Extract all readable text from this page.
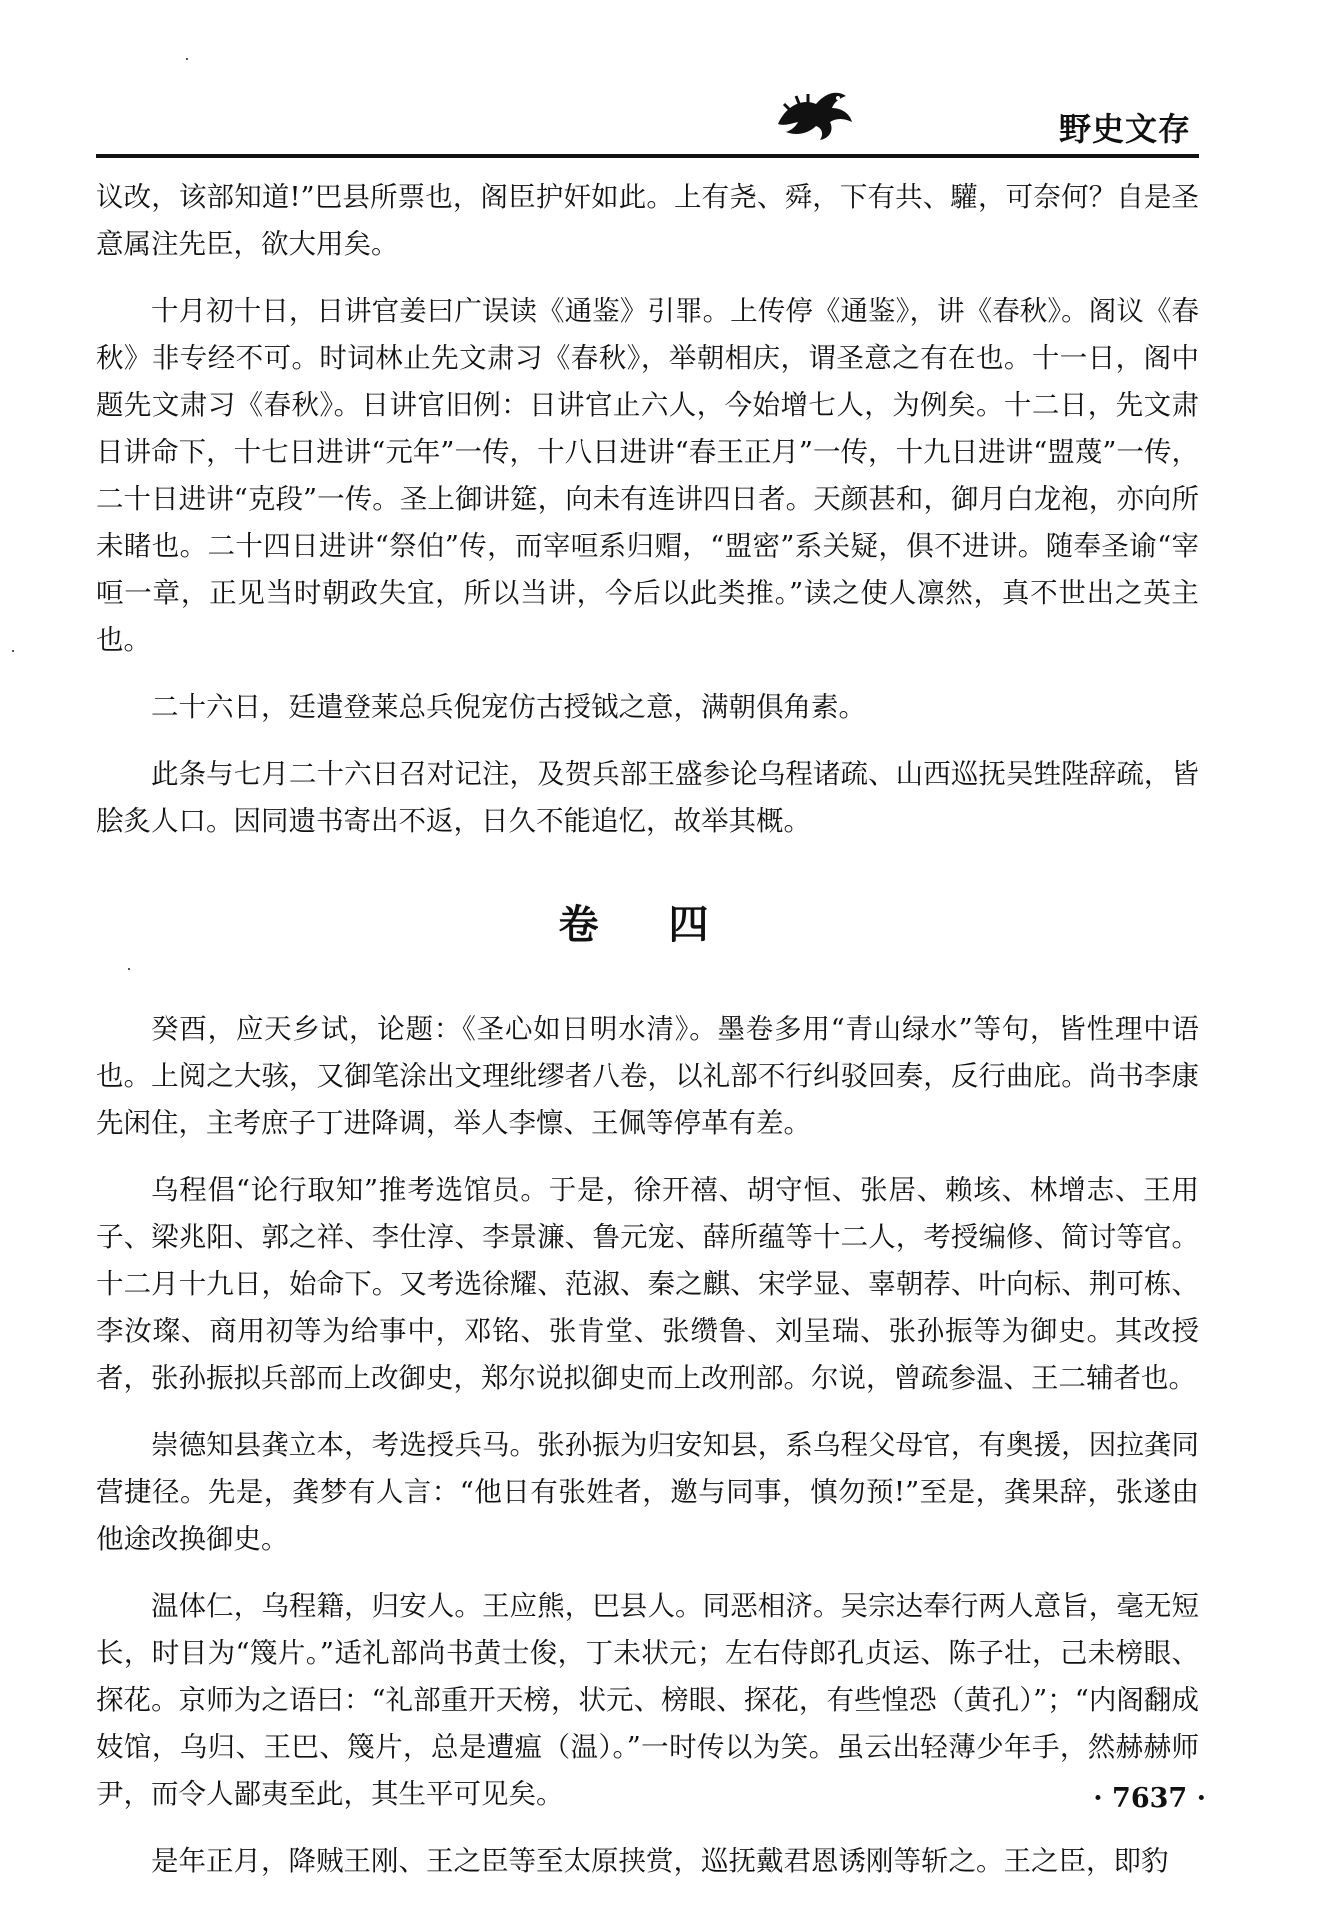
野史文存

议改，该部知道!”巴县所票也，阁臣护奸如此。上有尧、舜，下有共、驩，可奈何？自是圣意属注先臣，欲大用矣。

十月初十日，日讲官姜曰广误读《通鉴》引罪。上传停《通鉴》，讲《春秋》。阁议《春秋》非专经不可。时词林止先文肃习《春秋》，举朝相庆，谓圣意之有在也。十一日，阁中题先文肃习《春秋》。日讲官旧例：日讲官止六人，今始增七人，为例矣。十二日，先文肃日讲命下，十七日进讲“元年”一传，十八日进讲“春王正月”一传，十九日进讲“盟蔑”一传，二十日进讲“克段”一传。圣上御讲筵，向未有连讲四日者。天颜甚和，御月白龙袍，亦向所未睹也。二十四日进讲“祭伯”传，而宰咺系归赗，“盟密”系关疑，俱不进讲。随奉圣谕“宰咺一章，正见当时朝政失宜，所以当讲，今后以此类推。”读之使人凛然，真不世出之英主也。

二十六日，廷遣登莱总兵倪宠仿古授钺之意，满朝俱角素。

此条与七月二十六日召对记注，及贺兵部王盛参论乌程诸疏、山西巡抚吴甡陛辞疏，皆脍炙人口。因同遗书寄出不返，日久不能追忆，故举其概。

卷 四

癸酉，应天乡试，论题：《圣心如日明水清》。墨卷多用“青山绿水”等句，皆性理中语也。上阅之大骇，又御笔涂出文理纰缪者八卷，以礼部不行纠驳回奏，反行曲庇。尚书李康先闲住，主考庶子丁进降调，举人李懔、王佩等停革有差。

乌程倡“论行取知”推考选馆员。于是，徐开禧、胡守恒、张居、赖垓、林增志、王用子、梁兆阳、郭之祥、李仕淳、李景濂、鲁元宠、薛所蕴等十二人，考授编修、简讨等官。十二月十九日，始命下。又考选徐耀、范淑、秦之麒、宋学显、辜朝荐、叶向标、荆可栋、李汝璨、商用初等为给事中，邓铭、张肯堂、张缵鲁、刘呈瑞、张孙振等为御史。其改授者，张孙振拟兵部而上改御史，郑尔说拟御史而上改刑部。尔说，曾疏参温、王二辅者也。

崇德知县龚立本，考选授兵马。张孙振为归安知县，系乌程父母官，有奥援，因拉龚同营捷径。先是，龚梦有人言：“他日有张姓者，邀与同事，慎勿预!”至是，龚果辞，张遂由他途改换御史。

温体仁，乌程籍，归安人。王应熊，巴县人。同恶相济。吴宗达奉行两人意旨，毫无短长，时目为“篾片。”适礼部尚书黄士俊，丁未状元；左右侍郎孔贞运、陈子壮，己未榜眼、探花。京师为之语曰：“礼部重开天榜，状元、榜眼、探花，有些惶恐（黄孔）”；“内阁翻成妓馆，乌归、王巴、篾片，总是遭瘟（温）。”一时传以为笑。虽云出轻薄少年手，然赫赫师尹，而令人鄙夷至此，其生平可见矣。

是年正月，降贼王刚、王之臣等至太原挟赏，巡抚戴君恩诱刚等斩之。王之臣，即豹

· 7637 ·
